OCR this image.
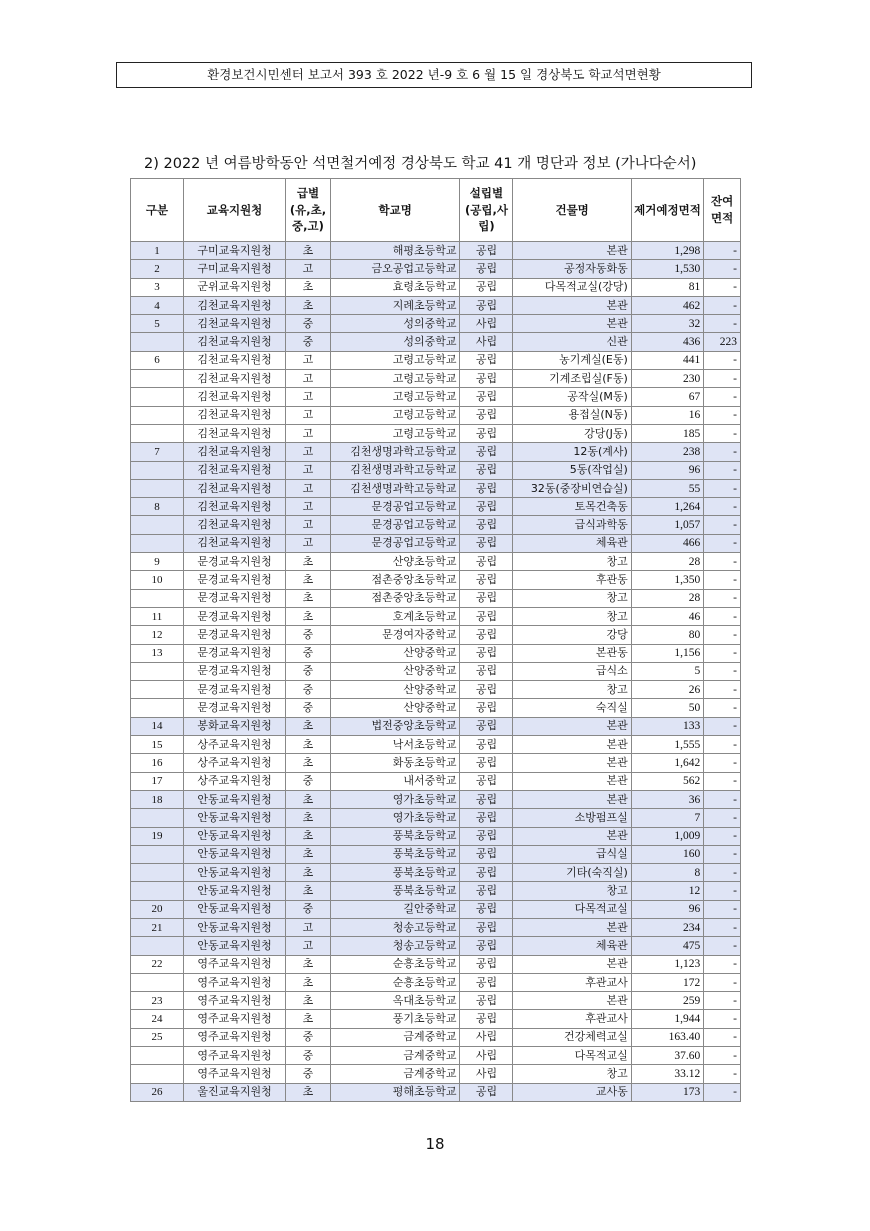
환경보건시민센터 보고서 393 호 2022 년-9 호 6 월 15 일 경상북도 학교석면현황
2) 2022 년 여름방학동안 석면철거예정 경상북도 학교 41 개 명단과 정보 (가나다순서)
구분	교육지원청	급별(유,초,중,고)	학교명	설립별(공립,사립)	건물명	제거예정면적	잔여면적
1	구미교육지원청	초	해평초등학교	공립	본관	1,298	-
2	구미교육지원청	고	금오공업고등학교	공립	공정자동화동	1,530	-
3	군위교육지원청	초	효령초등학교	공립	다목적교실(강당)	81	-
4	김천교육지원청	초	지례초등학교	공립	본관	462	-
5	김천교육지원청	중	성의중학교	사립	본관	32	-
	김천교육지원청	중	성의중학교	사립	신관	436	223
6	김천교육지원청	고	고령고등학교	공립	농기계실(E동)	441	-
	김천교육지원청	고	고령고등학교	공립	기계조립실(F동)	230	-
	김천교육지원청	고	고령고등학교	공립	공작실(M동)	67	-
	김천교육지원청	고	고령고등학교	공립	용접실(N동)	16	-
	김천교육지원청	고	고령고등학교	공립	강당(J동)	185	-
7	김천교육지원청	고	김천생명과학고등학교	공립	12동(계사)	238	-
	김천교육지원청	고	김천생명과학고등학교	공립	5동(작업실)	96	-
	김천교육지원청	고	김천생명과학고등학교	공립	32동(중장비연습실)	55	-
8	김천교육지원청	고	문경공업고등학교	공립	토목건축동	1,264	-
	김천교육지원청	고	문경공업고등학교	공립	급식과학동	1,057	-
	김천교육지원청	고	문경공업고등학교	공립	체육관	466	-
9	문경교육지원청	초	산양초등학교	공립	창고	28	-
10	문경교육지원청	초	점촌중앙초등학교	공립	후관동	1,350	-
	문경교육지원청	초	점촌중앙초등학교	공립	창고	28	-
11	문경교육지원청	초	호계초등학교	공립	창고	46	-
12	문경교육지원청	중	문경여자중학교	공립	강당	80	-
13	문경교육지원청	중	산양중학교	공립	본관동	1,156	-
	문경교육지원청	중	산양중학교	공립	급식소	5	-
	문경교육지원청	중	산양중학교	공립	창고	26	-
	문경교육지원청	중	산양중학교	공립	숙직실	50	-
14	봉화교육지원청	초	법전중앙초등학교	공립	본관	133	-
15	상주교육지원청	초	낙서초등학교	공립	본관	1,555	-
16	상주교육지원청	초	화동초등학교	공립	본관	1,642	-
17	상주교육지원청	중	내서중학교	공립	본관	562	-
18	안동교육지원청	초	영가초등학교	공립	본관	36	-
	안동교육지원청	초	영가초등학교	공립	소방펌프실	7	-
19	안동교육지원청	초	풍북초등학교	공립	본관	1,009	-
	안동교육지원청	초	풍북초등학교	공립	급식실	160	-
	안동교육지원청	초	풍북초등학교	공립	기타(숙직실)	8	-
	안동교육지원청	초	풍북초등학교	공립	창고	12	-
20	안동교육지원청	중	길안중학교	공립	다목적교실	96	-
21	안동교육지원청	고	청송고등학교	공립	본관	234	-
	안동교육지원청	고	청송고등학교	공립	체육관	475	-
22	영주교육지원청	초	순흥초등학교	공립	본관	1,123	-
	영주교육지원청	초	순흥초등학교	공립	후관교사	172	-
23	영주교육지원청	초	옥대초등학교	공립	본관	259	-
24	영주교육지원청	초	풍기초등학교	공립	후관교사	1,944	-
25	영주교육지원청	중	금계중학교	사립	건강체력교실	163.40	-
	영주교육지원청	중	금계중학교	사립	다목적교실	37.60	-
	영주교육지원청	중	금계중학교	사립	창고	33.12	-
26	울진교육지원청	초	평해초등학교	공립	교사동	173	-
18
